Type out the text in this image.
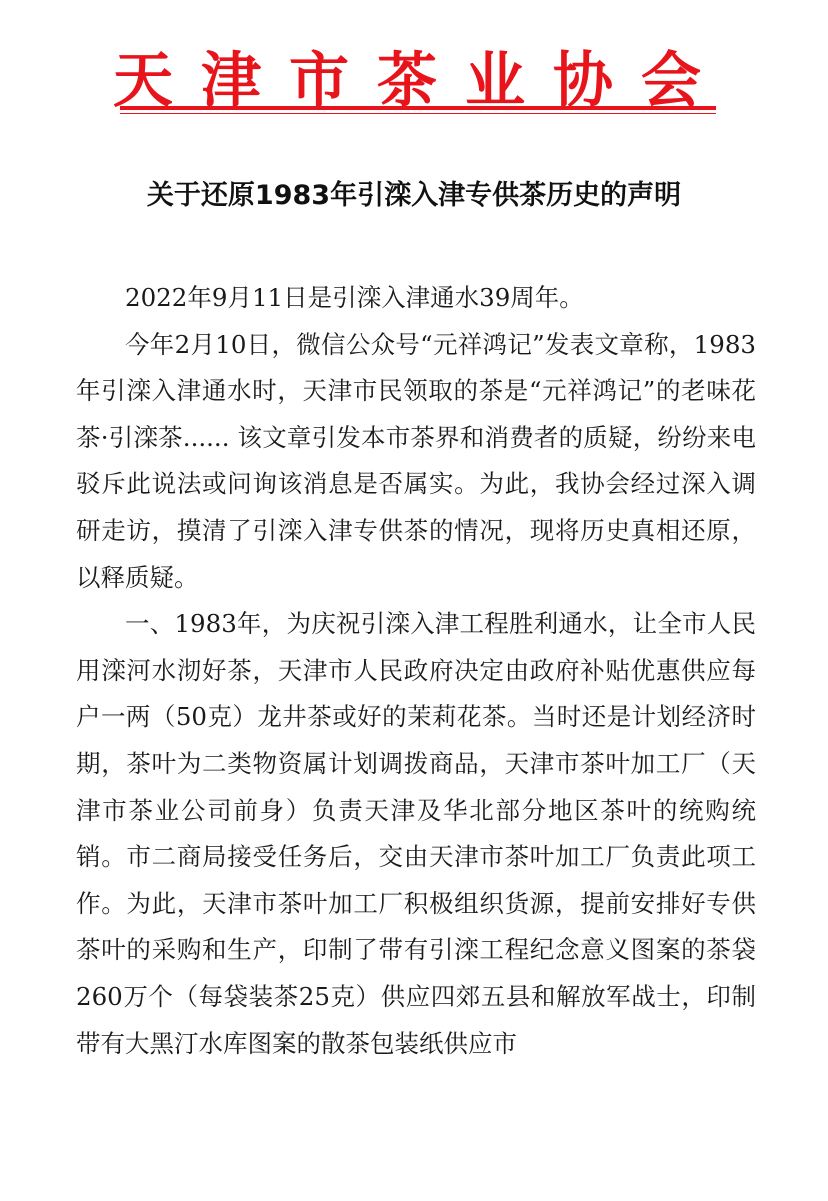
天津市茶业协会
关于还原1983年引滦入津专供茶历史的声明

2022年9月11日是引滦入津通水39周年。

今年2月10日，微信公众号“元祥鸿记”发表文章称，1983年引滦入津通水时，天津市民领取的茶是“元祥鸿记”的老味花茶·引滦茶...... 该文章引发本市茶界和消费者的质疑，纷纷来电驳斥此说法或问询该消息是否属实。为此，我协会经过深入调研走访，摸清了引滦入津专供茶的情况，现将历史真相还原，以释质疑。

一、1983年，为庆祝引滦入津工程胜利通水，让全市人民用滦河水沏好茶，天津市人民政府决定由政府补贴优惠供应每户一两（50克）龙井茶或好的茉莉花茶。当时还是计划经济时期，茶叶为二类物资属计划调拨商品，天津市茶叶加工厂（天津市茶业公司前身）负责天津及华北部分地区茶叶的统购统销。市二商局接受任务后，交由天津市茶叶加工厂负责此项工作。为此，天津市茶叶加工厂积极组织货源，提前安排好专供茶叶的采购和生产，印制了带有引滦工程纪念意义图案的茶袋260万个（每袋装茶25克）供应四郊五县和解放军战士，印制带有大黑汀水库图案的散茶包装纸供应市
